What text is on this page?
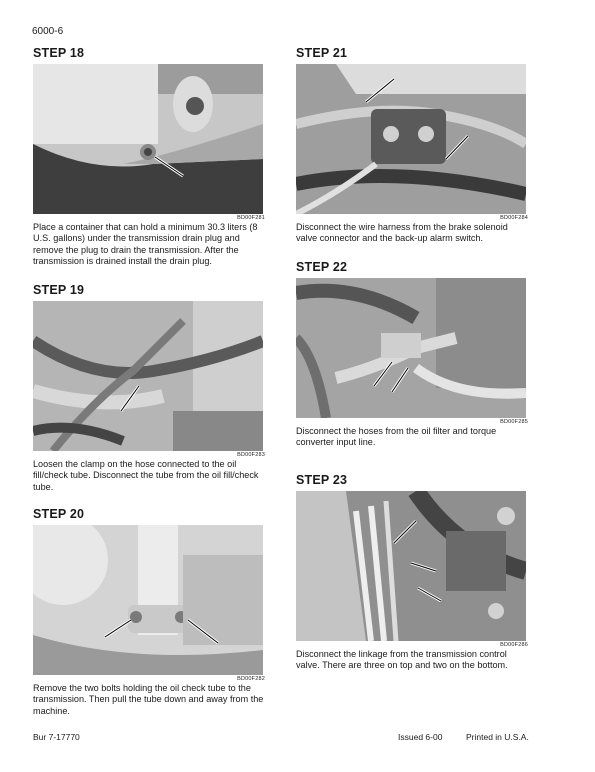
6000-6
STEP 18
BD00F281

Place a container that can hold a minimum 30.3 liters (8 U.S. gallons) under the transmission drain plug and remove the plug to drain the transmission. After the transmission is drained install the drain plug.

STEP 19
BD00F283

Loosen the clamp on the hose connected to the oil fill/check tube. Disconnect the tube from the oil fill/check tube.

STEP 20
BD00F282

Remove the two bolts holding the oil check tube to the transmission. Then pull the tube down and away from the machine.

STEP 21
BD00F284

Disconnect the wire harness from the brake solenoid valve connector and the back-up alarm switch.

STEP 22
BD00F285

Disconnect the hoses from the oil filter and torque converter input line.

STEP 23
BD00F286

Disconnect the linkage from the transmission control valve. There are three on top and two on the bottom.

Bur 7-17770	Issued 6-00	Printed in U.S.A.
